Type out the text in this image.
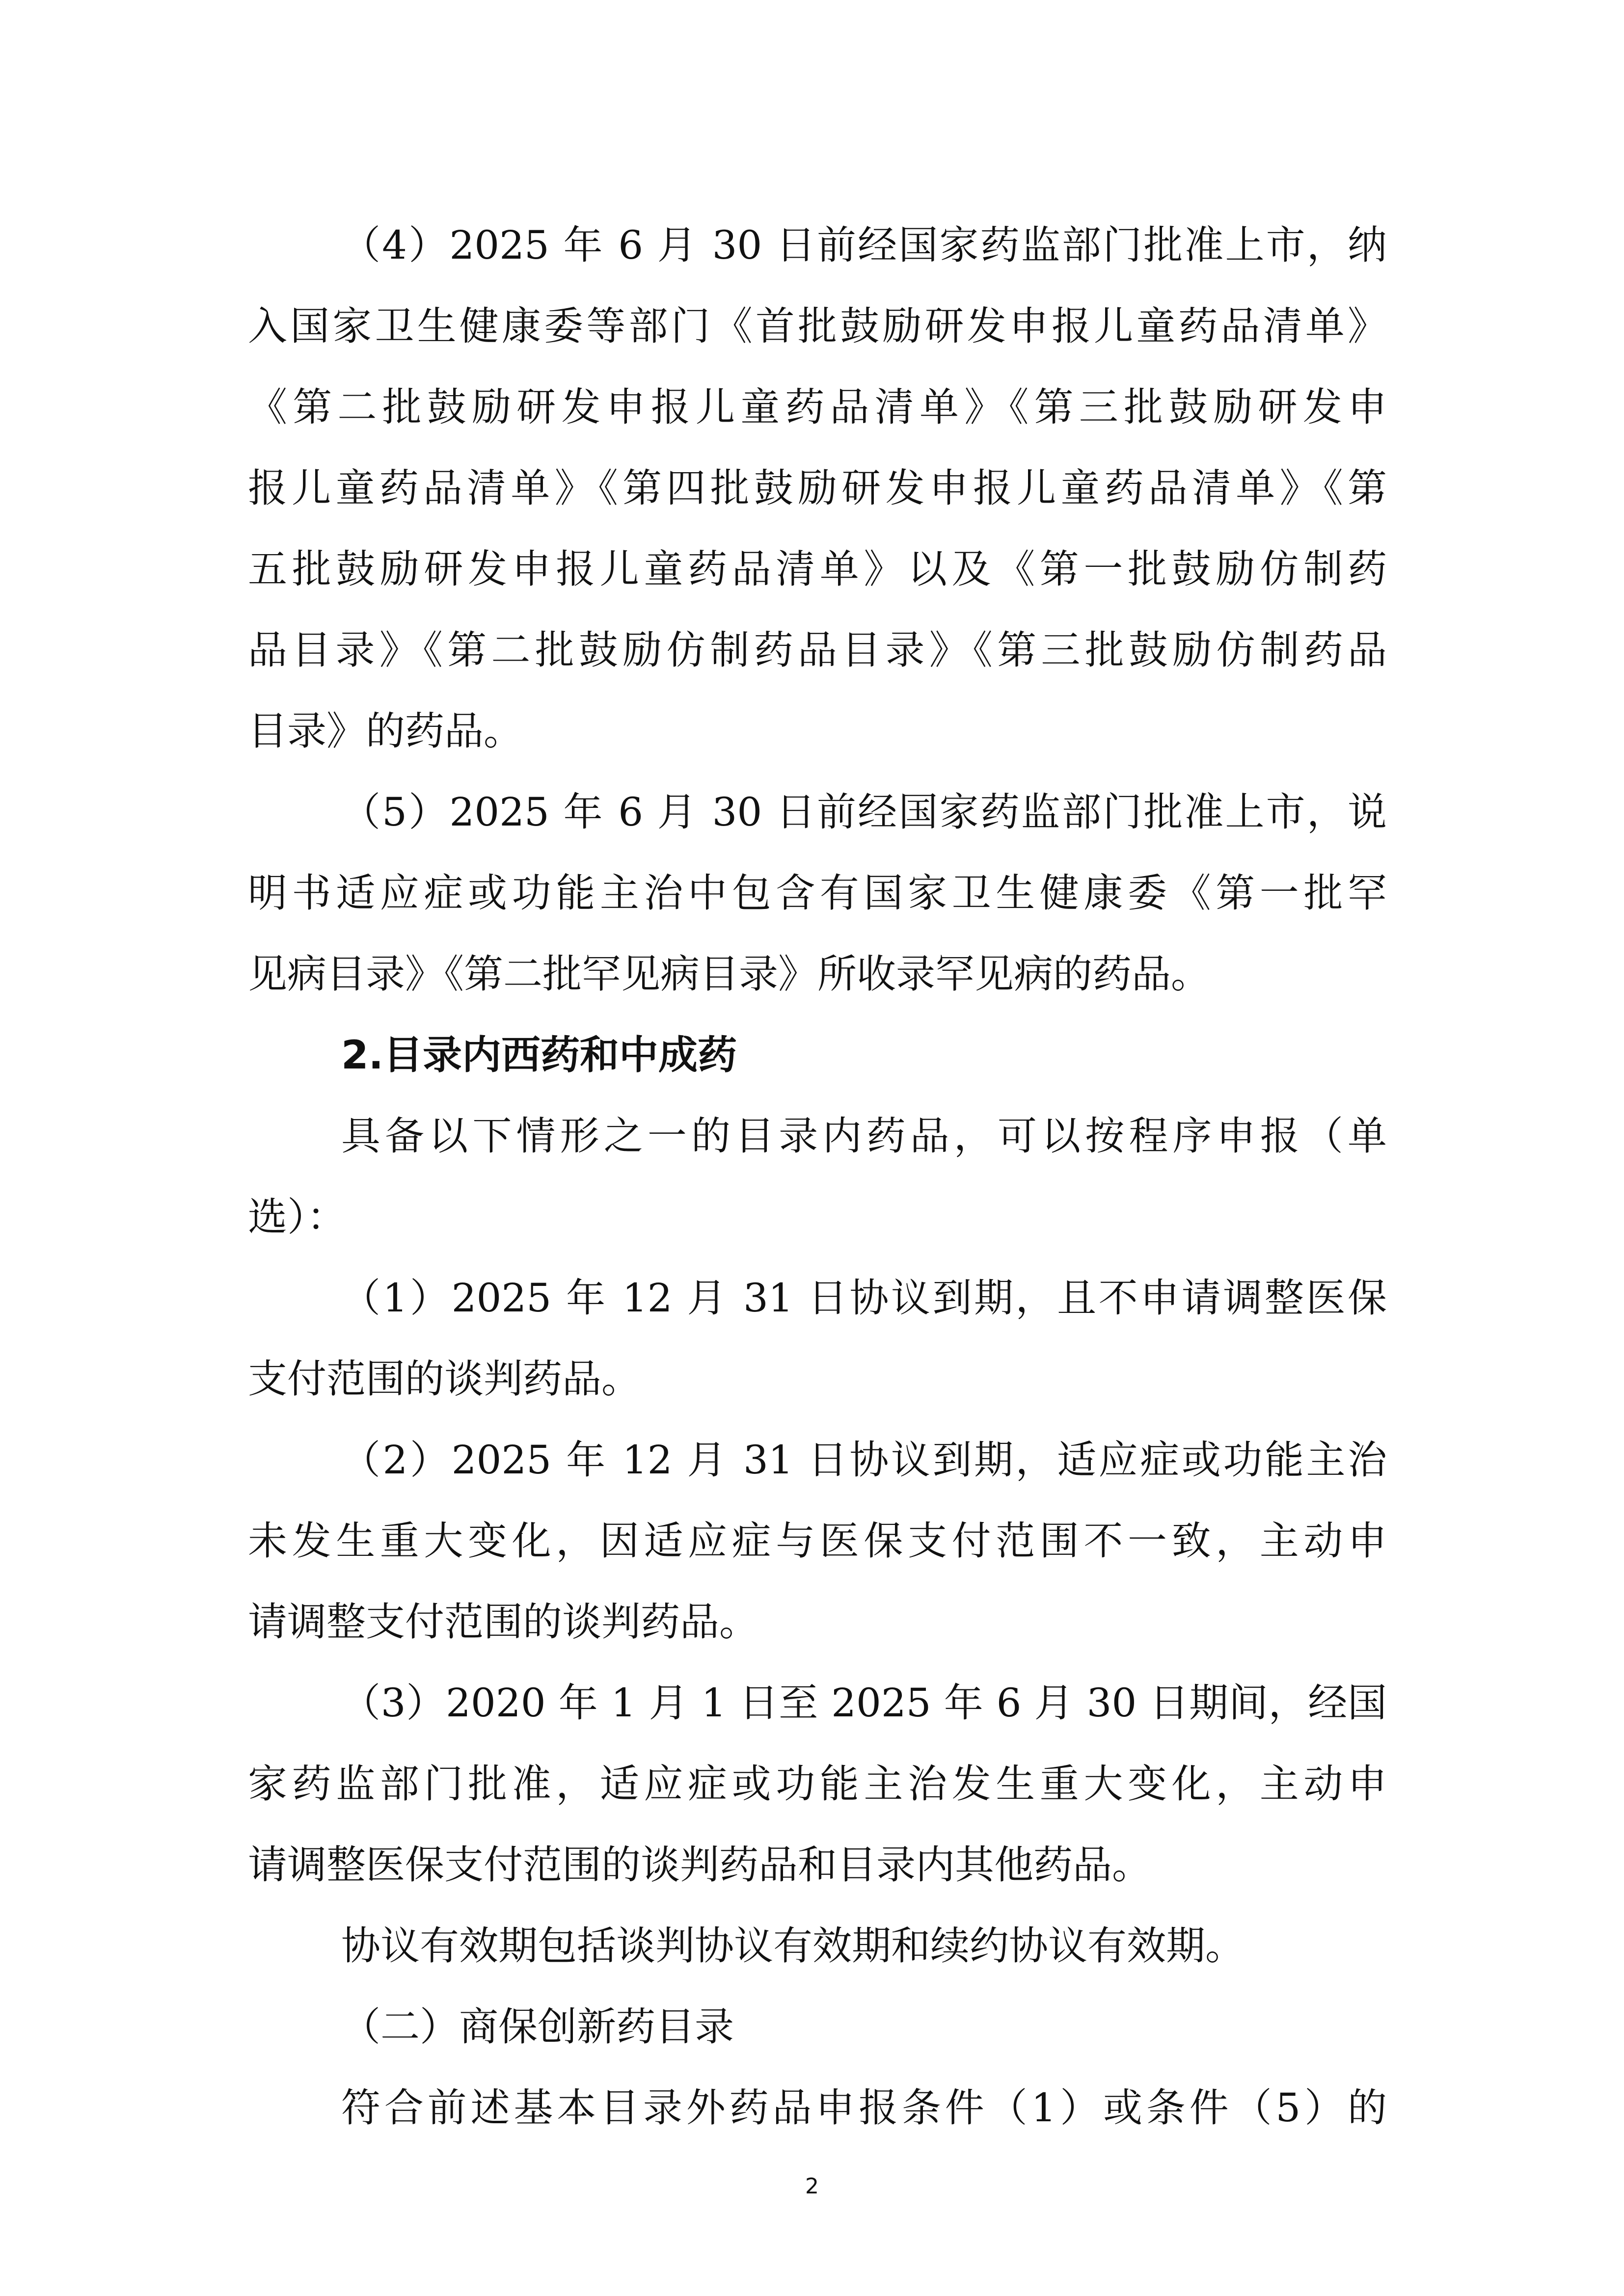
（4）2025 年 6 月 30 日前经国家药监部门批准上市，纳
入国家卫生健康委等部门《首批鼓励研发申报儿童药品清单》
《第二批鼓励研发申报儿童药品清单》《第三批鼓励研发申
报儿童药品清单》《第四批鼓励研发申报儿童药品清单》《第
五批鼓励研发申报儿童药品清单》以及《第一批鼓励仿制药
品目录》《第二批鼓励仿制药品目录》《第三批鼓励仿制药品
目录》的药品。
（5）2025 年 6 月 30 日前经国家药监部门批准上市，说
明书适应症或功能主治中包含有国家卫生健康委《第一批罕
见病目录》《第二批罕见病目录》所收录罕见病的药品。
2.目录内西药和中成药
具备以下情形之一的目录内药品，可以按程序申报（单
选）：
（1）2025 年 12 月 31 日协议到期，且不申请调整医保
支付范围的谈判药品。
（2）2025 年 12 月 31 日协议到期，适应症或功能主治
未发生重大变化，因适应症与医保支付范围不一致，主动申
请调整支付范围的谈判药品。
（3）2020 年 1 月 1 日至 2025 年 6 月 30 日期间，经国
家药监部门批准，适应症或功能主治发生重大变化，主动申
请调整医保支付范围的谈判药品和目录内其他药品。
协议有效期包括谈判协议有效期和续约协议有效期。
（二）商保创新药目录
符合前述基本目录外药品申报条件（1）或条件（5）的
2
